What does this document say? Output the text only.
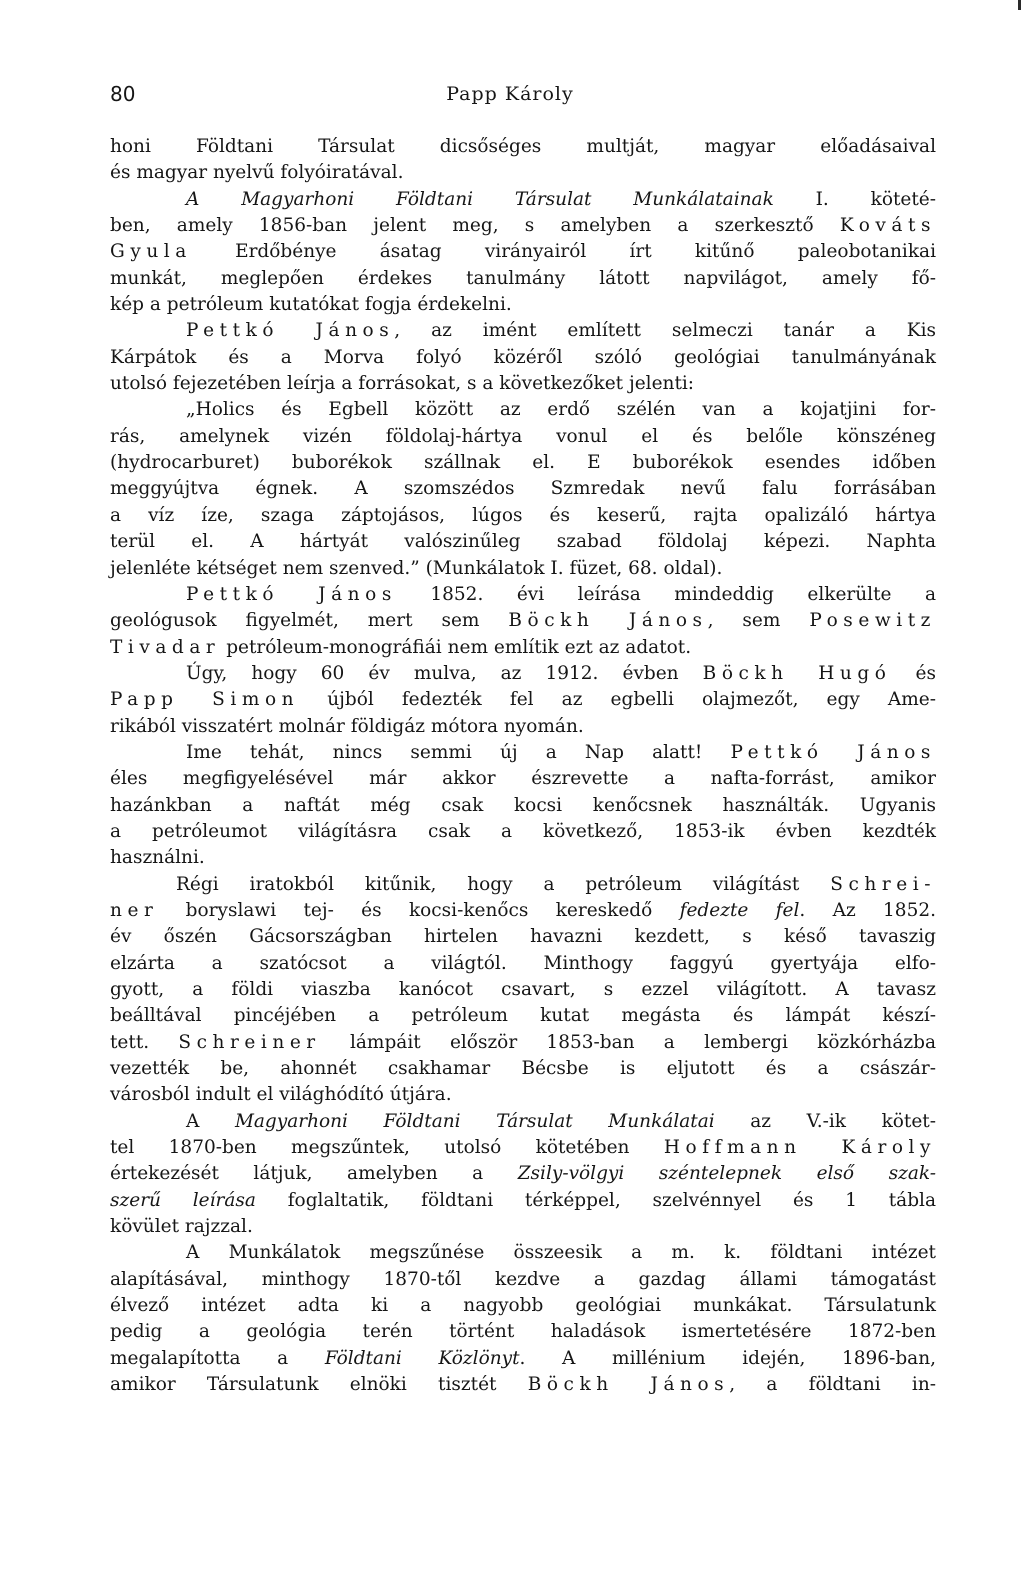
80	Papp Károly
honi Földtani Társulat dicsőséges multját, magyar előadásaival
és magyar nyelvű folyóiratával.
A Magyarhoni Földtani Társulat Munkálatainak I. köteté-
ben, amely 1856-ban jelent meg, s amelyben a szerkesztő Kováts
Gyula Erdőbénye ásatag virányairól írt kitűnő paleobotanikai
munkát, meglepően érdekes tanulmány látott napvilágot, amely fő-
kép a petróleum kutatókat fogja érdekelni.
Pettkó János, az imént említett selmeczi tanár a Kis
Kárpátok és a Morva folyó közéről szóló geológiai tanulmányának
utolsó fejezetében leírja a forrásokat, s a következőket jelenti:
„Holics és Egbell között az erdő szélén van a kojatjini for-
rás, amelynek vizén földolaj-hártya vonul el és belőle könszéneg
(hydrocarburet) buborékok szállnak el. E buborékok esendes időben
meggyújtva égnek. A szomszédos Szmredak nevű falu forrásában
a víz íze, szaga záptojásos, lúgos és keserű, rajta opalizáló hártya
terül el. A hártyát valószinűleg szabad földolaj képezi. Naphta
jelenléte kétséget nem szenved.” (Munkálatok I. füzet, 68. oldal).
Pettkó János 1852. évi leírása mindeddig elkerülte a
geológusok figyelmét, mert sem Böckh János, sem Posewitz
Tivadar petróleum-monográfiái nem említik ezt az adatot.
Úgy, hogy 60 év mulva, az 1912. évben Böckh Hugó és
Papp Simon újból fedezték fel az egbelli olajmezőt, egy Ame-
rikából visszatért molnár földigáz mótora nyomán.
Ime tehát, nincs semmi új a Nap alatt! Pettkó János
éles megfigyelésével már akkor észrevette a nafta-forrást, amikor
hazánkban a naftát még csak kocsi kenőcsnek használták. Ugyanis
a petróleumot világításra csak a következő, 1853-ik évben kezdték
használni.
Régi iratokból kitűnik, hogy a petróleum világítást Schrei-
ner boryslawi tej- és kocsi-kenőcs kereskedő fedezte fel. Az 1852.
év őszén Gácsországban hirtelen havazni kezdett, s késő tavaszig
elzárta a szatócsot a világtól. Minthogy faggyú gyertyája elfo-
gyott, a földi viaszba kanócot csavart, s ezzel világított. A tavasz
beálltával pincéjében a petróleum kutat megásta és lámpát készí-
tett. Schreiner lámpáit először 1853-ban a lembergi közkórházba
vezették be, ahonnét csakhamar Bécsbe is eljutott és a császár-
városból indult el világhódító útjára.
A Magyarhoni Földtani Társulat Munkálatai az V.-ik kötet-
tel 1870-ben megszűntek, utolsó kötetében Hoffmann Károly
értekezését látjuk, amelyben a Zsily-völgyi széntelepnek első szak-
szerű leírása foglaltatik, földtani térképpel, szelvénnyel és 1 tábla
kövület rajzzal.
A Munkálatok megszűnése összeesik a m. k. földtani intézet
alapításával, minthogy 1870-től kezdve a gazdag állami támogatást
élvező intézet adta ki a nagyobb geológiai munkákat. Társulatunk
pedig a geológia terén történt haladások ismertetésére 1872-ben
megalapította a Földtani Közlönyt. A millénium idején, 1896-ban,
amikor Társulatunk elnöki tisztét Böckh János, a földtani in-
